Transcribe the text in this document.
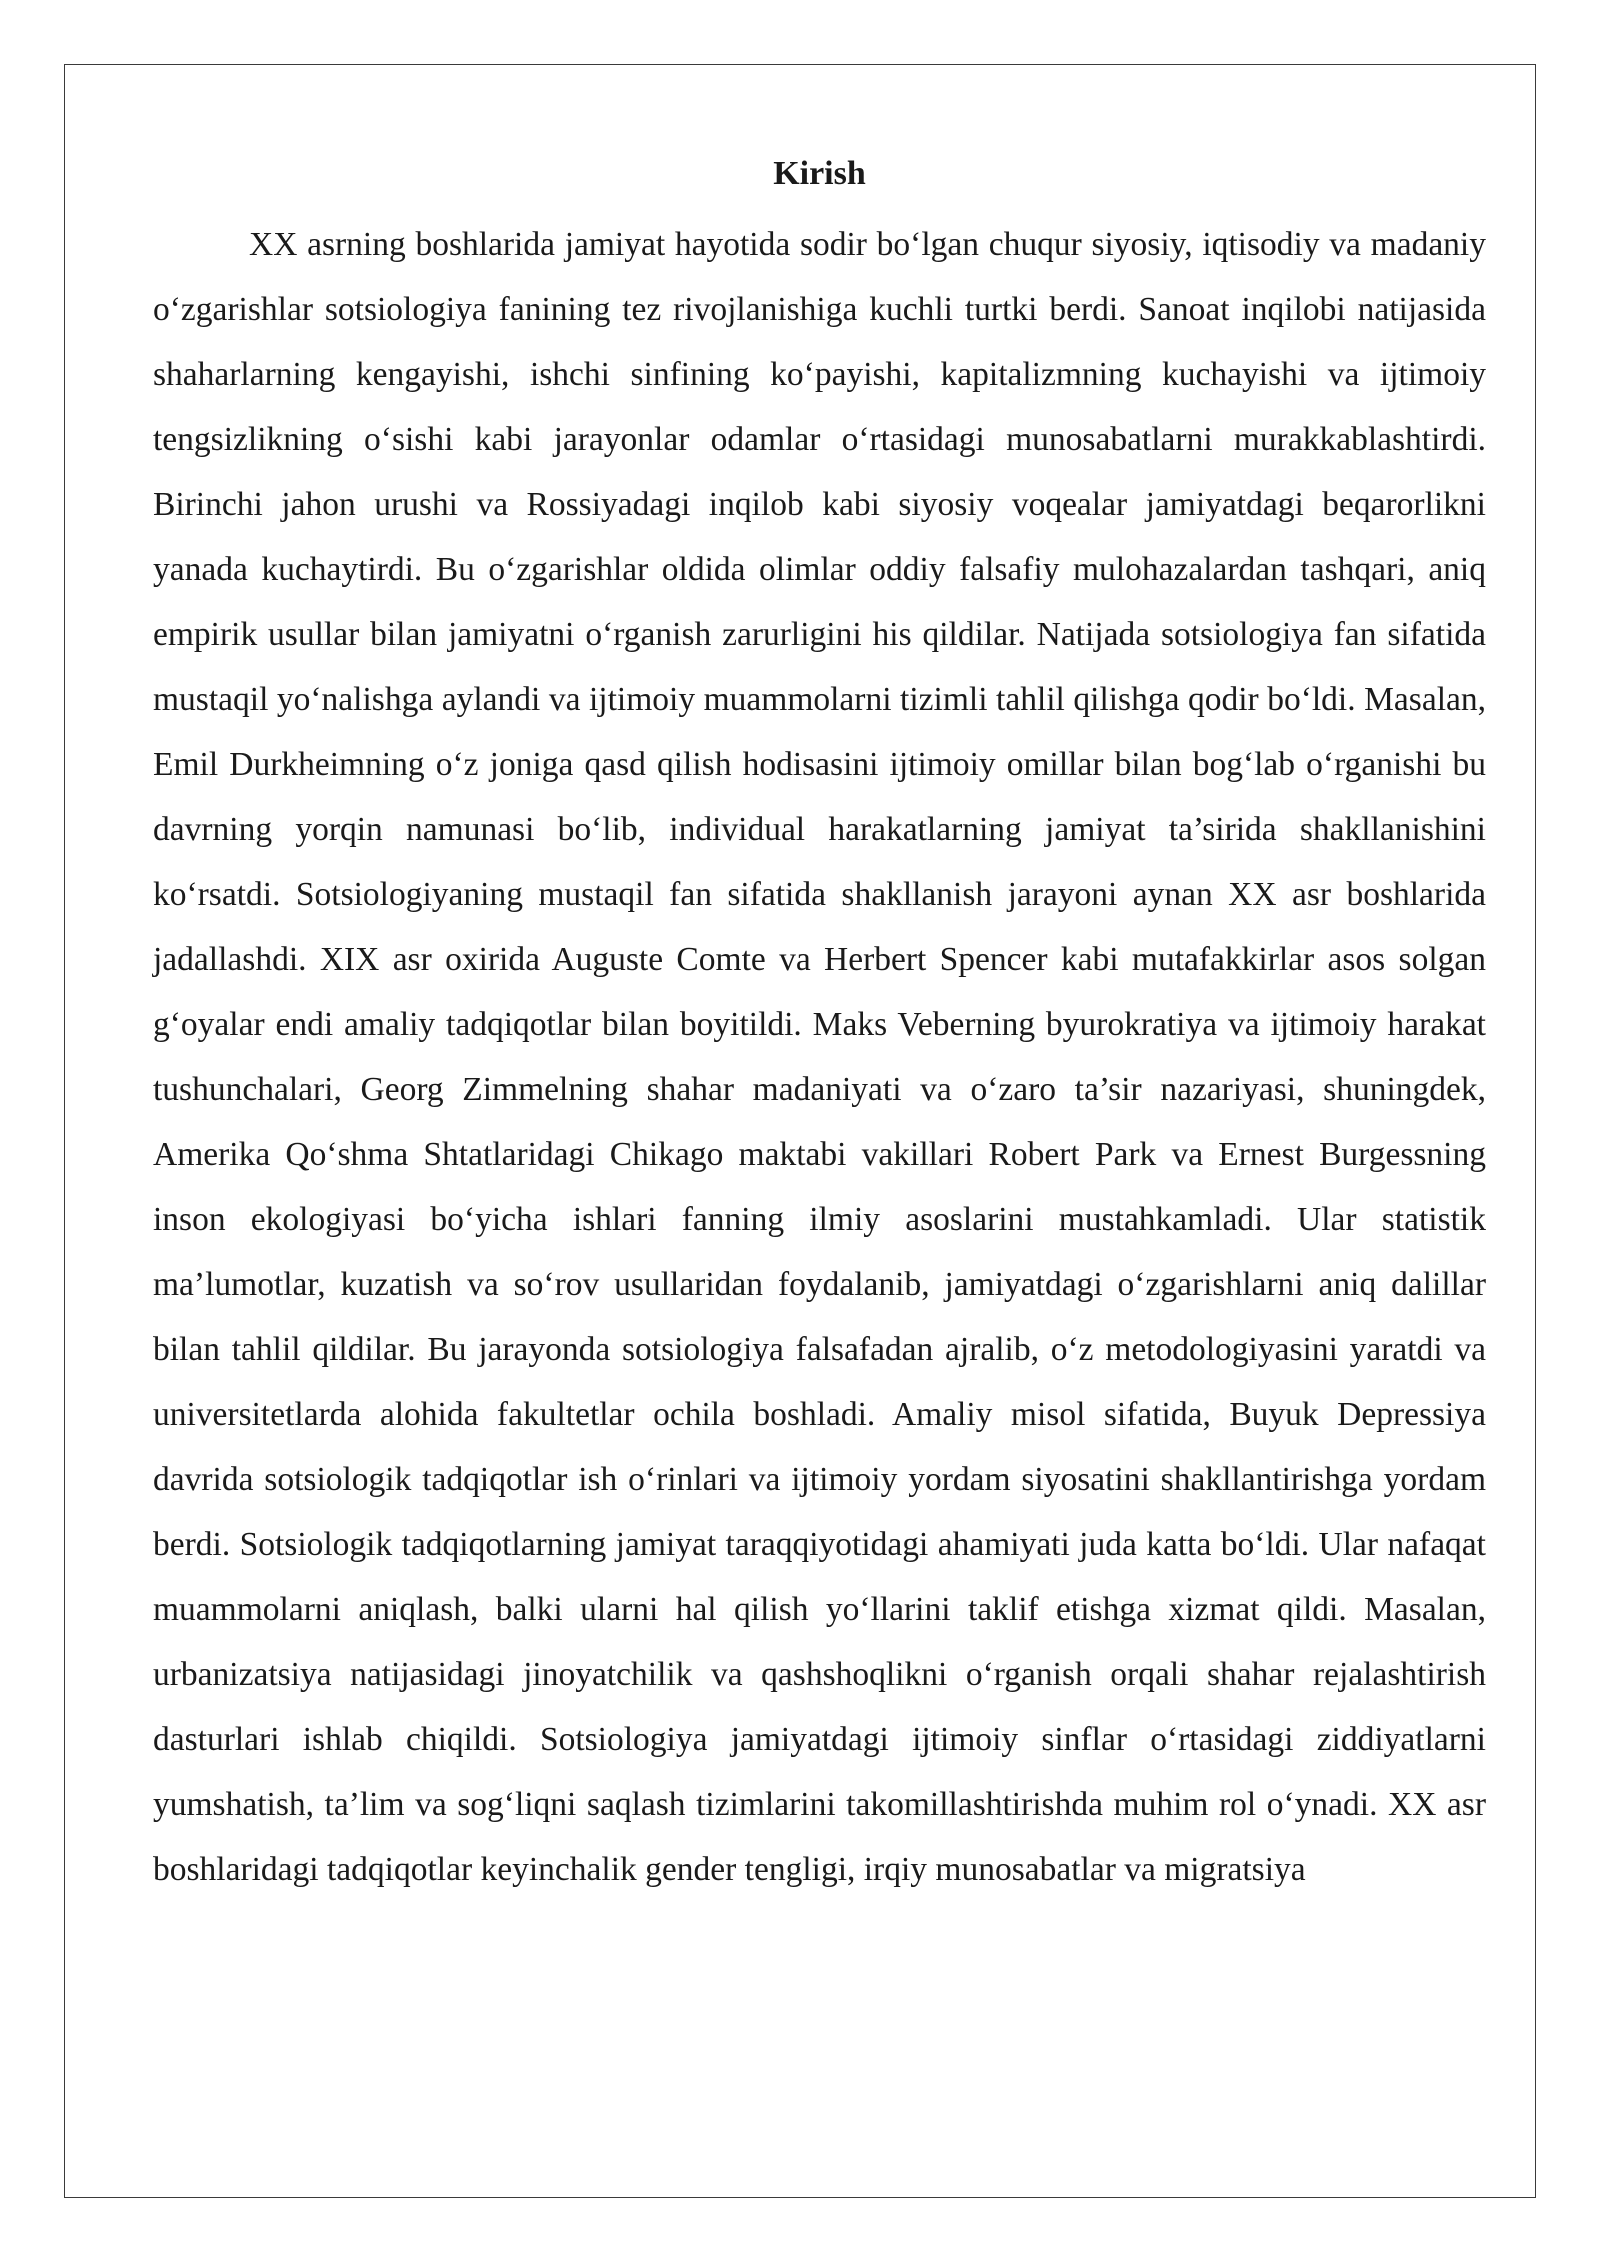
Kirish

XX asrning boshlarida jamiyat hayotida sodir bo‘lgan chuqur siyosiy, iqtisodiy va madaniy o‘zgarishlar sotsiologiya fanining tez rivojlanishiga kuchli turtki berdi. Sanoat inqilobi natijasida shaharlarning kengayishi, ishchi sinfining ko‘payishi, kapitalizmning kuchayishi va ijtimoiy tengsizlikning o‘sishi kabi jarayonlar odamlar o‘rtasidagi munosabatlarni murakkablashtirdi. Birinchi jahon urushi va Rossiyadagi inqilob kabi siyosiy voqealar jamiyatdagi beqarorlikni yanada kuchaytirdi. Bu o‘zgarishlar oldida olimlar oddiy falsafiy mulohazalardan tashqari, aniq empirik usullar bilan jamiyatni o‘rganish zarurligini his qildilar. Natijada sotsiologiya fan sifatida mustaqil yo‘nalishga aylandi va ijtimoiy muammolarni tizimli tahlil qilishga qodir bo‘ldi. Masalan, Emil Durkheimning o‘z joniga qasd qilish hodisasini ijtimoiy omillar bilan bog‘lab o‘rganishi bu davrning yorqin namunasi bo‘lib, individual harakatlarning jamiyat ta’sirida shakllanishini ko‘rsatdi. Sotsiologiyaning mustaqil fan sifatida shakllanish jarayoni aynan XX asr boshlarida jadallashdi. XIX asr oxirida Auguste Comte va Herbert Spencer kabi mutafakkirlar asos solgan g‘oyalar endi amaliy tadqiqotlar bilan boyitildi. Maks Veberning byurokratiya va ijtimoiy harakat tushunchalari, Georg Zimmelning shahar madaniyati va o‘zaro ta’sir nazariyasi, shuningdek, Amerika Qo‘shma Shtatlaridagi Chikago maktabi vakillari Robert Park va Ernest Burgessning inson ekologiyasi bo‘yicha ishlari fanning ilmiy asoslarini mustahkamladi. Ular statistik ma’lumotlar, kuzatish va so‘rov usullaridan foydalanib, jamiyatdagi o‘zgarishlarni aniq dalillar bilan tahlil qildilar. Bu jarayonda sotsiologiya falsafadan ajralib, o‘z metodologiyasini yaratdi va universitetlarda alohida fakultetlar ochila boshladi. Amaliy misol sifatida, Buyuk Depressiya davrida sotsiologik tadqiqotlar ish o‘rinlari va ijtimoiy yordam siyosatini shakllantirishga yordam berdi. Sotsiologik tadqiqotlarning jamiyat taraqqiyotidagi ahamiyati juda katta bo‘ldi. Ular nafaqat muammolarni aniqlash, balki ularni hal qilish yo‘llarini taklif etishga xizmat qildi. Masalan, urbanizatsiya natijasidagi jinoyatchilik va qashshoqlikni o‘rganish orqali shahar rejalashtirish dasturlari ishlab chiqildi. Sotsiologiya jamiyatdagi ijtimoiy sinflar o‘rtasidagi ziddiyatlarni yumshatish, ta’lim va sog‘liqni saqlash tizimlarini takomillashtirishda muhim rol o‘ynadi. XX asr boshlaridagi tadqiqotlar keyinchalik gender tengligi, irqiy munosabatlar va migratsiya
